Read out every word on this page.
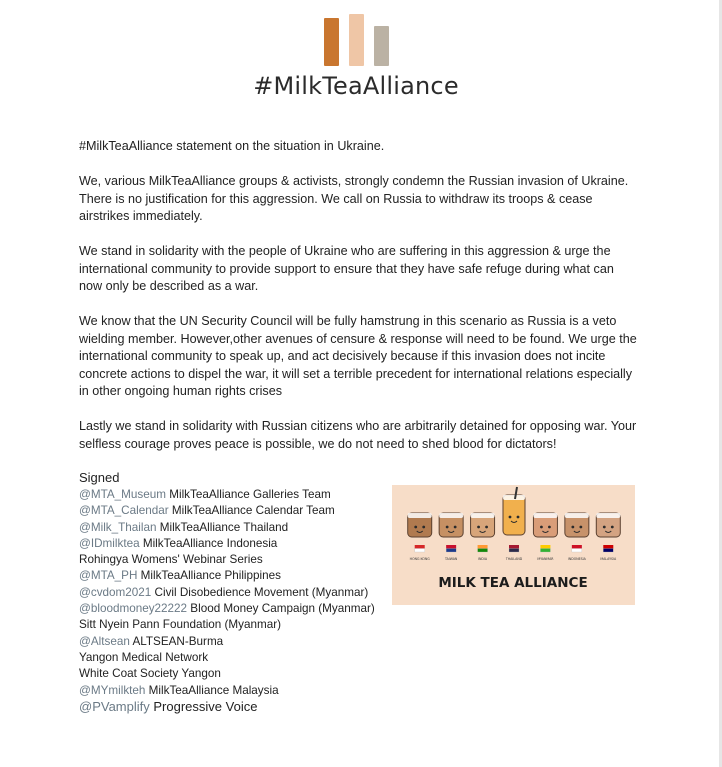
#MilkTeaAlliance

#MilkTeaAlliance statement on the situation in Ukraine.

We, various MilkTeaAlliance groups & activists, strongly condemn the Russian invasion of Ukraine. There is no justification for this aggression. We call on Russia to withdraw its troops & cease airstrikes immediately.

We stand in solidarity with the people of Ukraine who are suffering in this aggression & urge the international community to provide support to ensure that they have safe refuge during what can now only be described as a war.

We know that the UN Security Council will be fully hamstrung in this scenario as Russia is a veto wielding member. However,other avenues of censure & response will need to be found. We urge the international community to speak up, and act decisively because if this invasion does not incite concrete actions to dispel the war, it will set a terrible precedent for international relations especially in other ongoing human rights crises

Lastly we stand in solidarity with Russian citizens who are arbitrarily detained for opposing war. Your selfless courage proves peace is possible, we do not need to shed blood for dictators!

Signed
@MTA_Museum MilkTeaAlliance Galleries Team
@MTA_Calendar MilkTeaAlliance Calendar Team
@Milk_Thailan MilkTeaAlliance Thailand
@IDmilktea MilkTeaAlliance Indonesia
Rohingya Womens' Webinar Series
@MTA_PH MilkTeaAlliance Philippines
@cvdom2021 Civil Disobedience Movement (Myanmar)
@bloodmoney22222 Blood Money Campaign (Myanmar)
Sitt Nyein Pann Foundation (Myanmar)
@Altsean ALTSEAN-Burma
Yangon Medical Network
White Coat Society Yangon
@MYmilkteh MilkTeaAlliance Malaysia
@PVamplify Progressive Voice
HONG KONG	TAIWAN	INDIA	THAILAND	MYANMAR	INDONESIA	MALAYSIA
MILK TEA ALLIANCE
